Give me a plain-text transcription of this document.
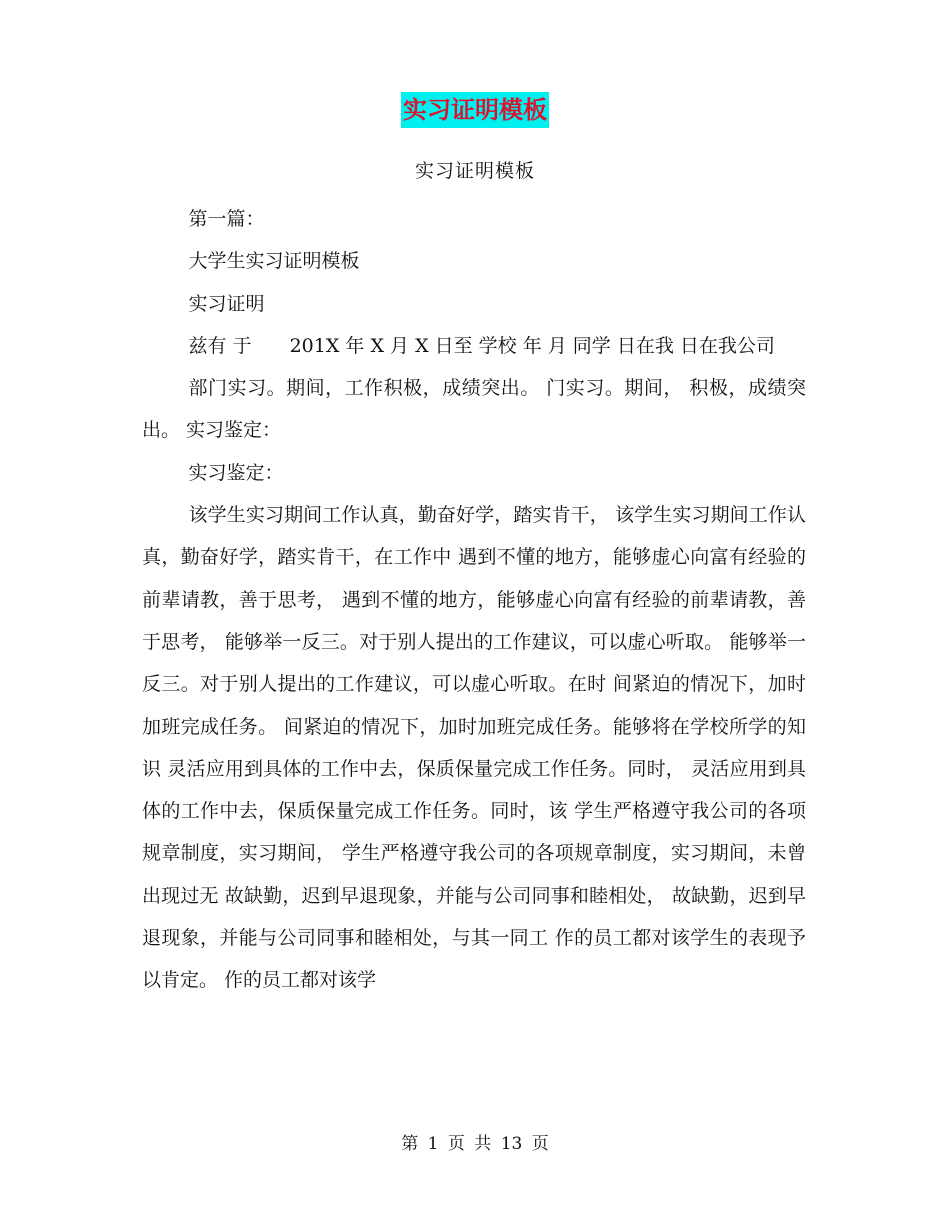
实习证明模板
实习证明模板

第一篇：

大学生实习证明模板

实习证明

兹有 于　　201X 年 X 月 X 日至 学校 年 月 同学 日在我 日在我公司

部门实习。期间，工作积极，成绩突出。 门实习。期间， 积极，成绩突出。 实习鉴定：

实习鉴定：

该学生实习期间工作认真，勤奋好学，踏实肯干， 该学生实习期间工作认真，勤奋好学，踏实肯干，在工作中 遇到不懂的地方，能够虚心向富有经验的前辈请教，善于思考， 遇到不懂的地方，能够虚心向富有经验的前辈请教，善于思考， 能够举一反三。对于别人提出的工作建议，可以虚心听取。 能够举一反三。对于别人提出的工作建议，可以虚心听取。在时 间紧迫的情况下，加时加班完成任务。 间紧迫的情况下，加时加班完成任务。能够将在学校所学的知识 灵活应用到具体的工作中去，保质保量完成工作任务。同时， 灵活应用到具体的工作中去，保质保量完成工作任务。同时，该 学生严格遵守我公司的各项规章制度，实习期间， 学生严格遵守我公司的各项规章制度，实习期间，未曾出现过无 故缺勤，迟到早退现象，并能与公司同事和睦相处， 故缺勤，迟到早退现象，并能与公司同事和睦相处，与其一同工 作的员工都对该学生的表现予以肯定。 作的员工都对该学

第 1 页 共 13 页
